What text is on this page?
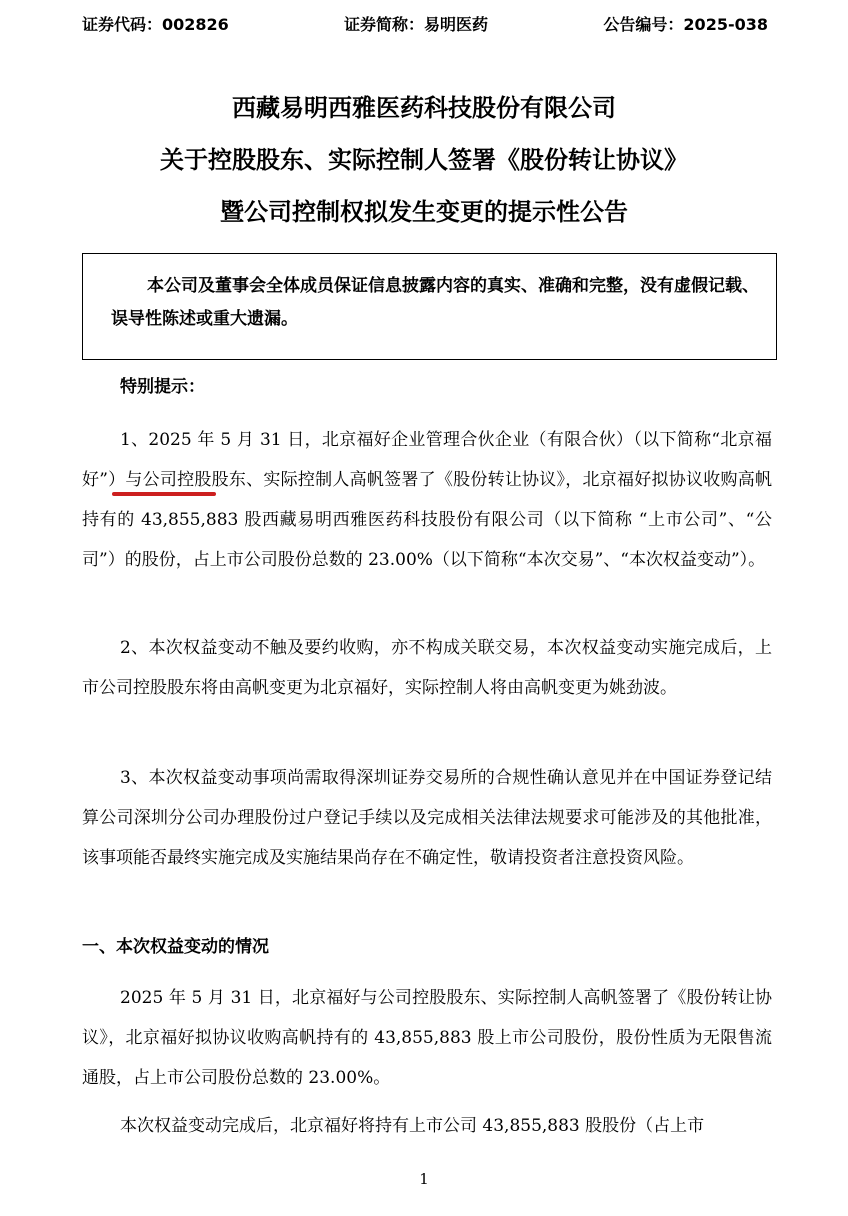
证券代码：002826	证券简称：易明医药	公告编号：2025-038
西藏易明西雅医药科技股份有限公司
关于控股股东、实际控制人签署《股份转让协议》
暨公司控制权拟发生变更的提示性公告

本公司及董事会全体成员保证信息披露内容的真实、准确和完整，没有虚假记载、误导性陈述或重大遗漏。

特别提示：

1、2025 年 5 月 31 日，北京福好企业管理合伙企业（有限合伙）（以下简称“北京福好”）与公司控股股东、实际控制人高帆签署了《股份转让协议》，北京福好拟协议收购高帆持有的 43,855,883 股西藏易明西雅医药科技股份有限公司（以下简称 “上市公司”、“公司”）的股份，占上市公司股份总数的 23.00%（以下简称“本次交易”、“本次权益变动”）。

2、本次权益变动不触及要约收购，亦不构成关联交易，本次权益变动实施完成后，上市公司控股股东将由高帆变更为北京福好，实际控制人将由高帆变更为姚劲波。

3、本次权益变动事项尚需取得深圳证券交易所的合规性确认意见并在中国证券登记结算公司深圳分公司办理股份过户登记手续以及完成相关法律法规要求可能涉及的其他批准，该事项能否最终实施完成及实施结果尚存在不确定性，敬请投资者注意投资风险。

一、本次权益变动的情况

2025 年 5 月 31 日，北京福好与公司控股股东、实际控制人高帆签署了《股份转让协议》，北京福好拟协议收购高帆持有的 43,855,883 股上市公司股份，股份性质为无限售流通股，占上市公司股份总数的 23.00%。

本次权益变动完成后，北京福好将持有上市公司 43,855,883 股股份（占上市

1
